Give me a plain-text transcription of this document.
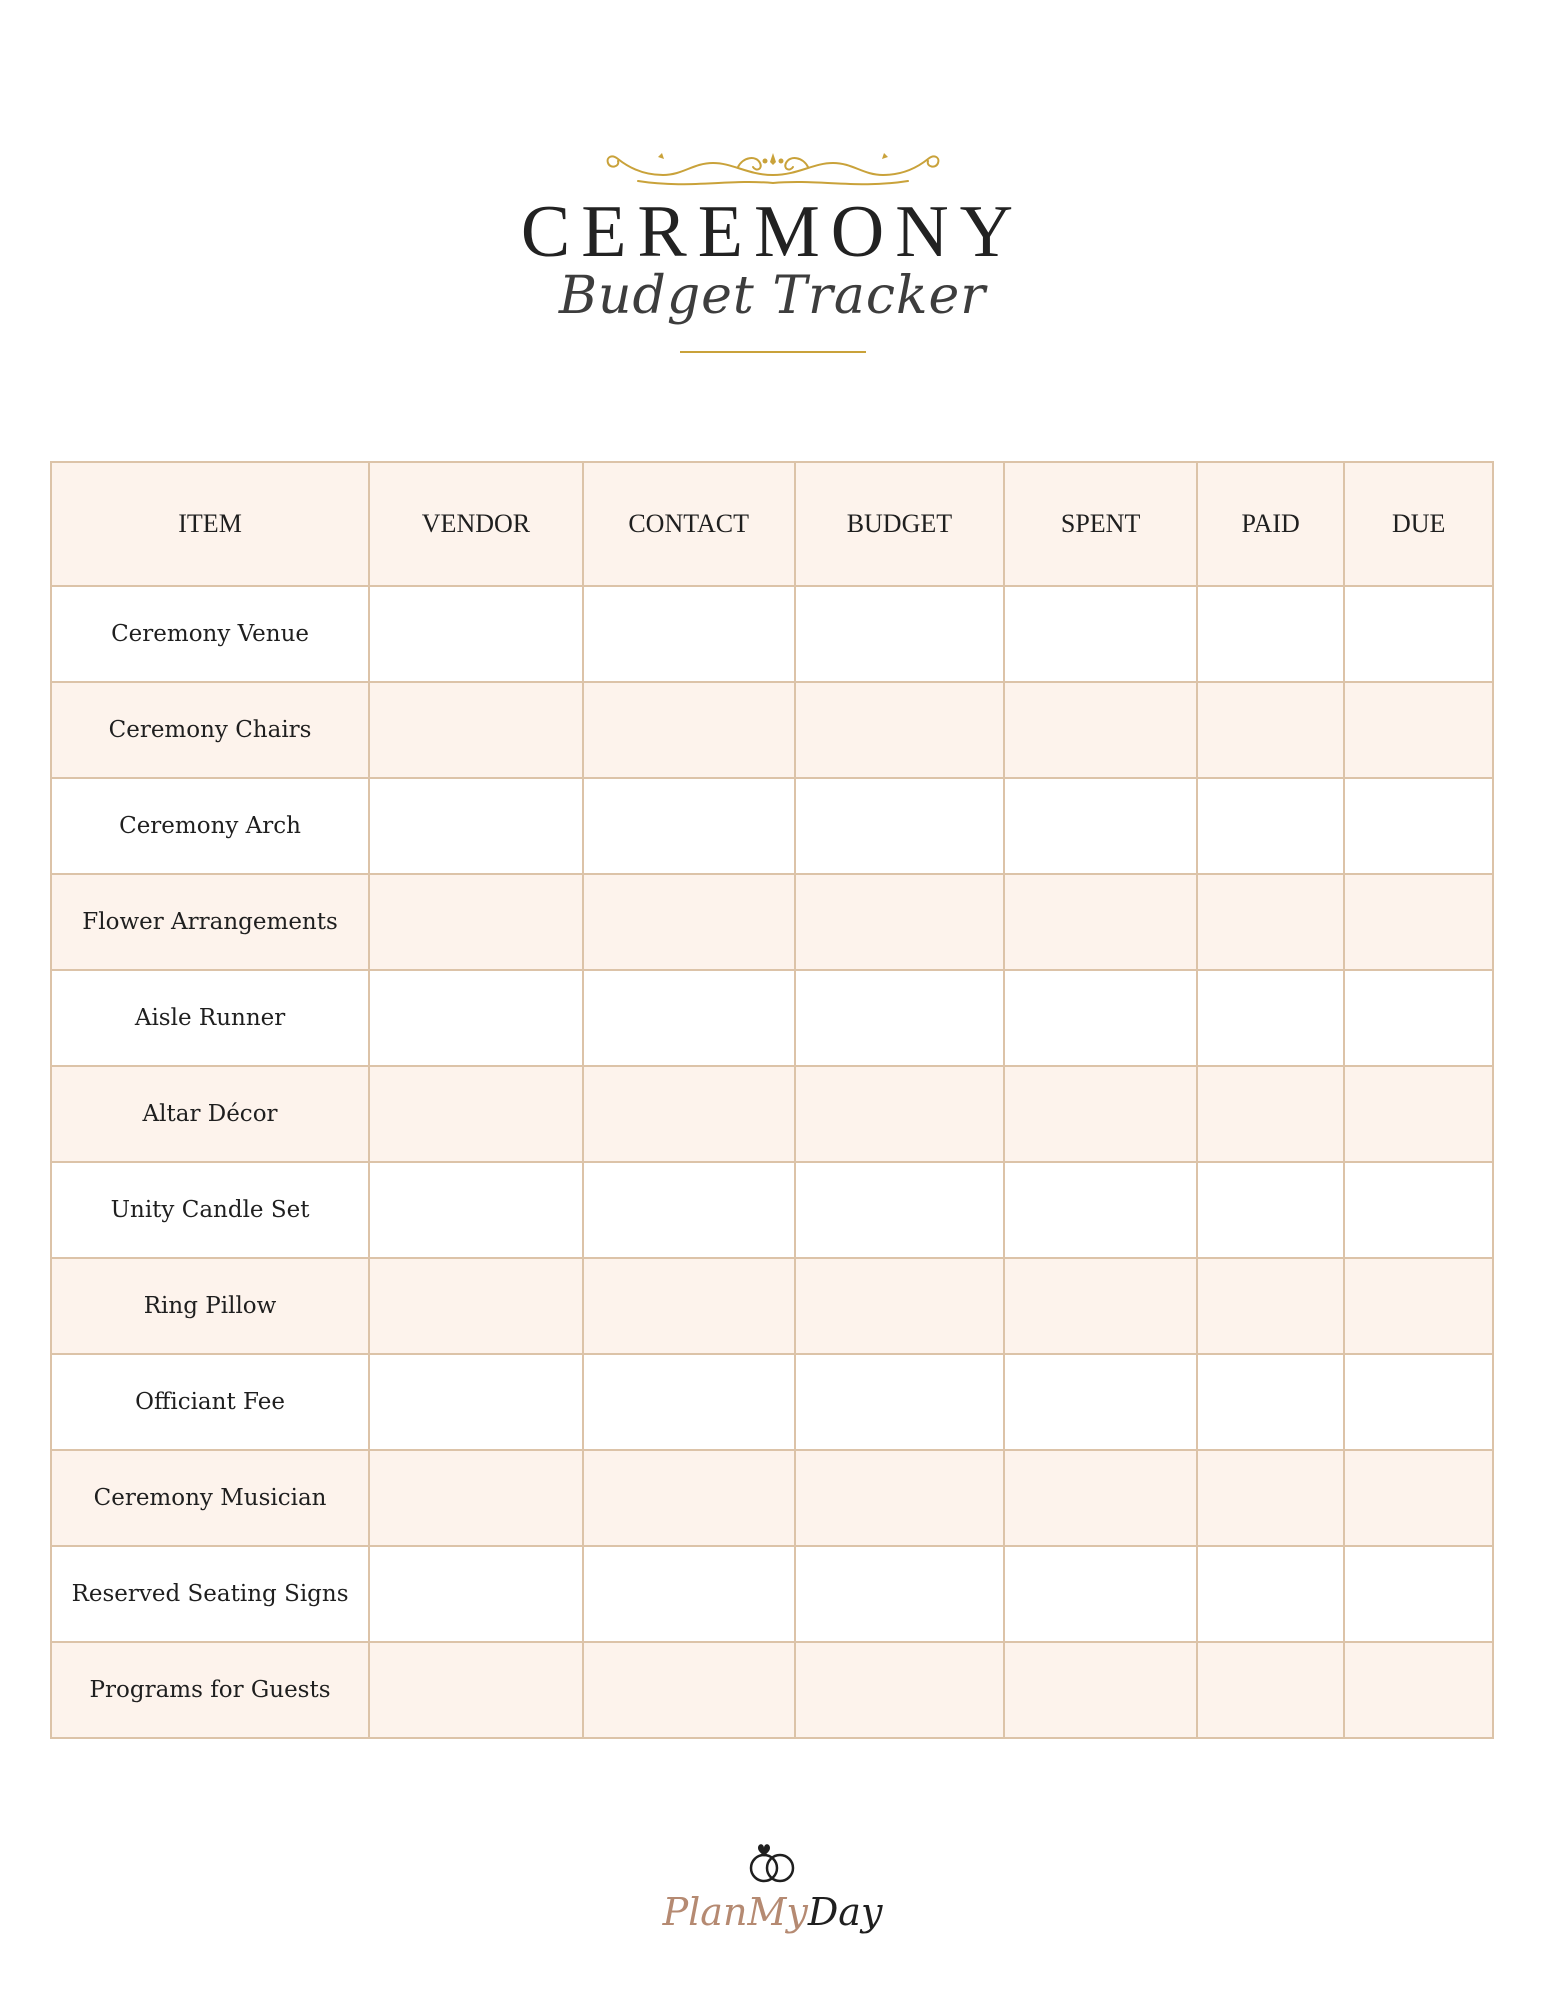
CEREMONY
Budget Tracker
ITEM	VENDOR	CONTACT	BUDGET	SPENT	PAID	DUE
Ceremony Venue						
Ceremony Chairs						
Ceremony Arch						
Flower Arrangements						
Aisle Runner						
Altar Décor						
Unity Candle Set						
Ring Pillow						
Officiant Fee						
Ceremony Musician						
Reserved Seating Signs						
Programs for Guests						
PlanMyDay
